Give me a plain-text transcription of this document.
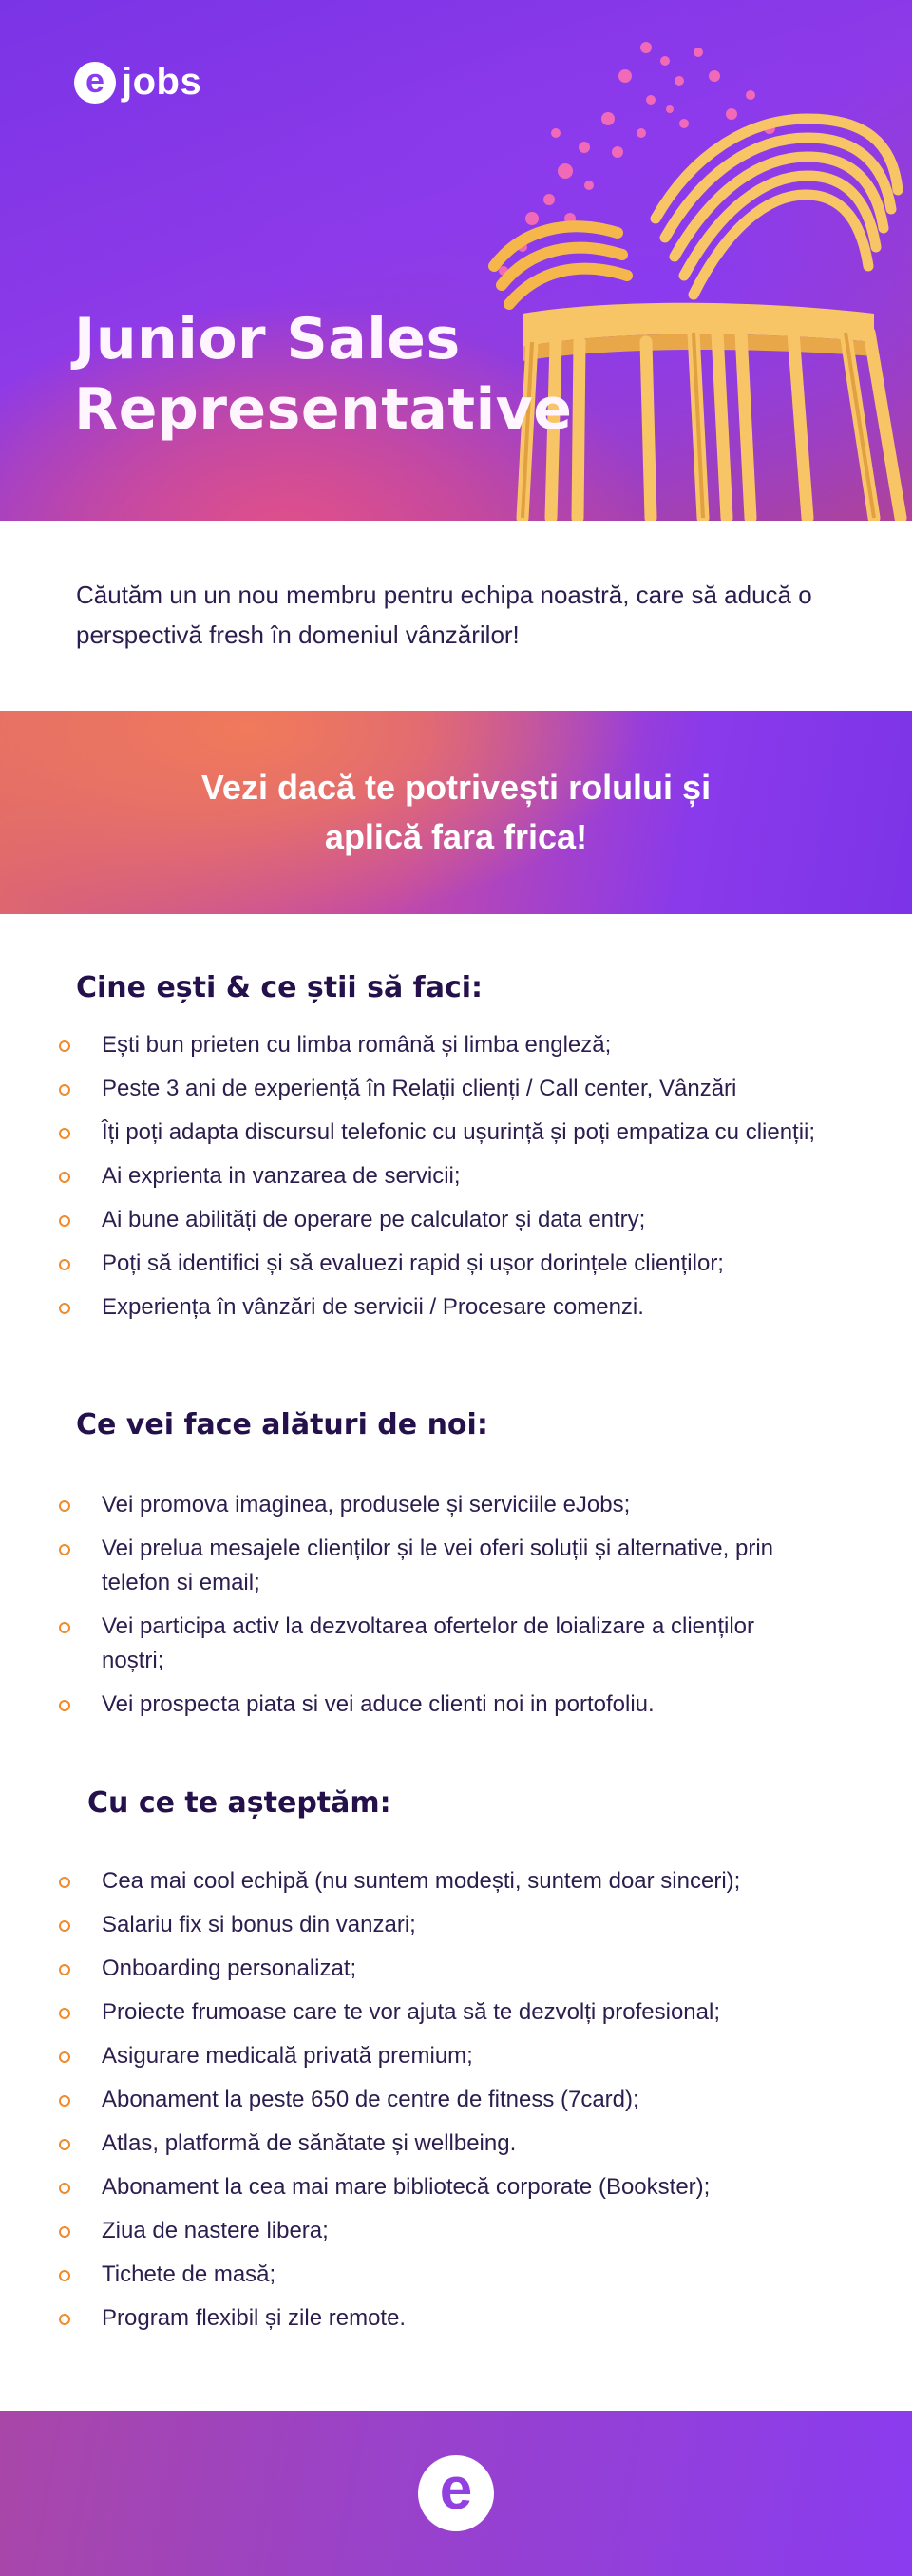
e jobs
Junior Sales
Representative

Căutăm un un nou membru pentru echipa noastră, care să aducă o perspectivă fresh în domeniul vânzărilor!

Vezi dacă te potrivești rolului și
aplică fara frica!
Cine ești & ce știi să faci:
Ești bun prieten cu limba română și limba engleză;
Peste 3 ani de experiență în Relații clienți / Call center, Vânzări
Îți poți adapta discursul telefonic cu ușurință și poți empatiza cu clienții;
Ai exprienta in vanzarea de servicii;
Ai bune abilități de operare pe calculator și data entry;
Poți să identifici și să evaluezi rapid și ușor dorințele clienților;
Experiența în vânzări de servicii / Procesare comenzi.
Ce vei face alături de noi:
Vei promova imaginea, produsele și serviciile eJobs;
Vei prelua mesajele clienților și le vei oferi soluții și alternative, prin telefon si email;
Vei participa activ la dezvoltarea ofertelor de loializare a clienților noștri;
Vei prospecta piata si vei aduce clienti noi in portofoliu.
Cu ce te așteptăm:
Cea mai cool echipă (nu suntem modești, suntem doar sinceri);
Salariu fix si bonus din vanzari;
Onboarding personalizat;
Proiecte frumoase care te vor ajuta să te dezvolți profesional;
Asigurare medicală privată premium;
Abonament la peste 650 de centre de fitness (7card);
Atlas, platformă de sănătate și wellbeing.
Abonament la cea mai mare bibliotecă corporate (Bookster);
Ziua de nastere libera;
Tichete de masă;
Program flexibil și zile remote.
e
